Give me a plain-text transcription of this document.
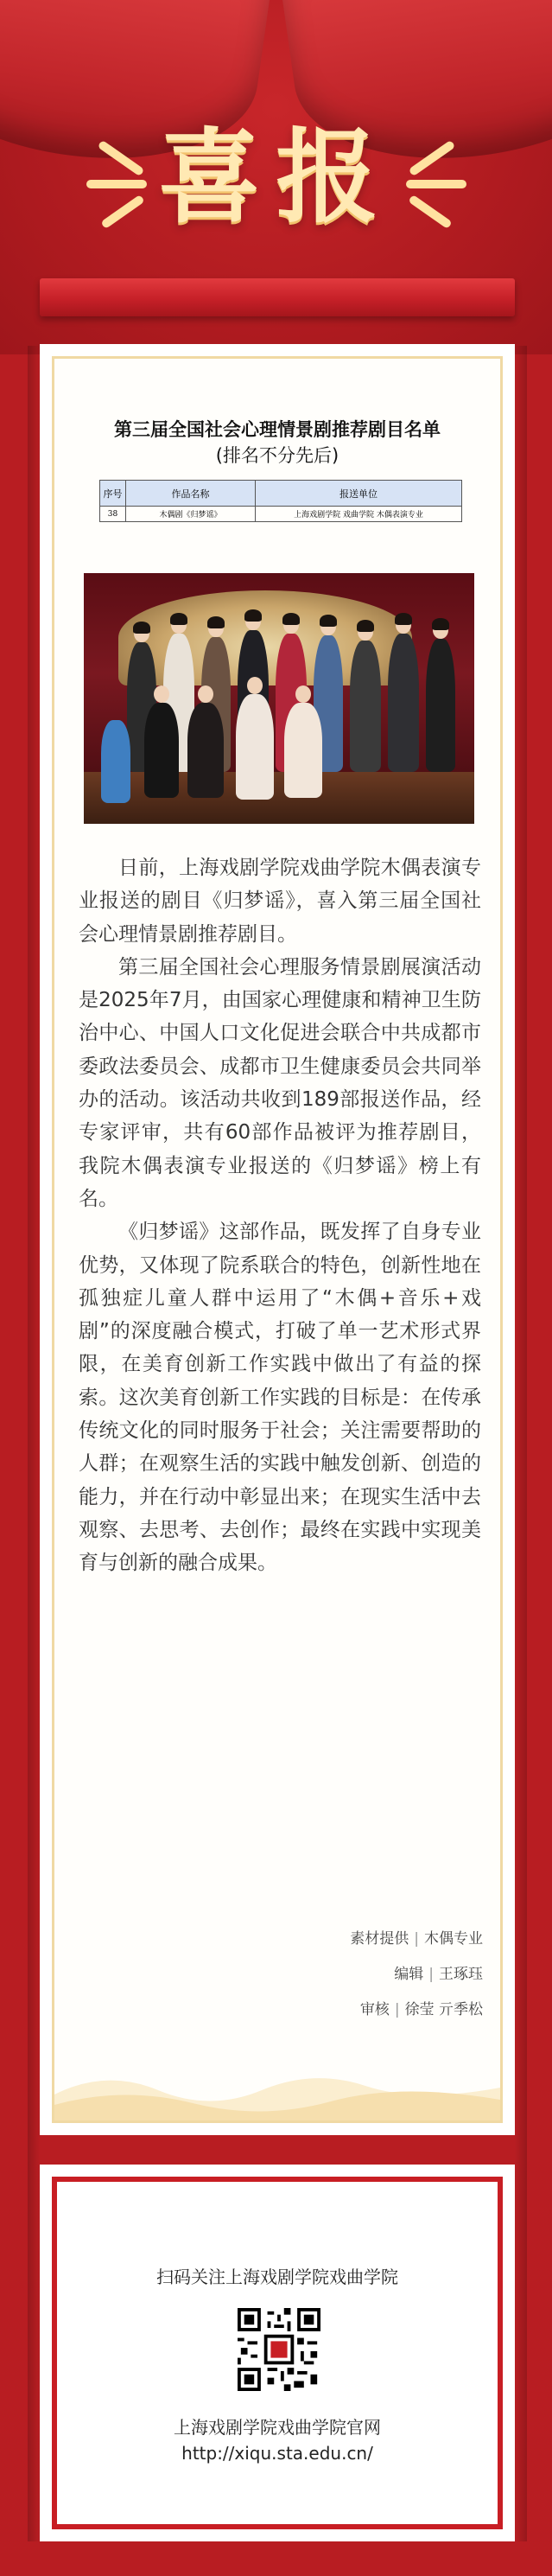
喜报
第三届全国社会心理情景剧推荐剧目名单
(排名不分先后)
序号	作品名称	报送单位
38	木偶剧《归梦谣》	上海戏剧学院 戏曲学院 木偶表演专业

日前，上海戏剧学院戏曲学院木偶表演专业报送的剧目《归梦谣》，喜入第三届全国社会心理情景剧推荐剧目。

第三届全国社会心理服务情景剧展演活动是2025年7月，由国家心理健康和精神卫生防治中心、中国人口文化促进会联合中共成都市委政法委员会、成都市卫生健康委员会共同举办的活动。该活动共收到189部报送作品，经专家评审，共有60部作品被评为推荐剧目，我院木偶表演专业报送的《归梦谣》榜上有名。

《归梦谣》这部作品，既发挥了自身专业优势，又体现了院系联合的特色，创新性地在孤独症儿童人群中运用了“木偶+音乐+戏剧”的深度融合模式，打破了单一艺术形式界限，在美育创新工作实践中做出了有益的探索。这次美育创新工作实践的目标是：在传承传统文化的同时服务于社会；关注需要帮助的人群；在观察生活的实践中触发创新、创造的能力，并在行动中彰显出来；在现实生活中去观察、去思考、去创作；最终在实践中实现美育与创新的融合成果。

素材提供 | 木偶专业
编辑 | 王琢珏
审核 | 徐莹 亓季松
扫码关注上海戏剧学院戏曲学院
上海戏剧学院戏曲学院官网
http://xiqu.sta.edu.cn/
